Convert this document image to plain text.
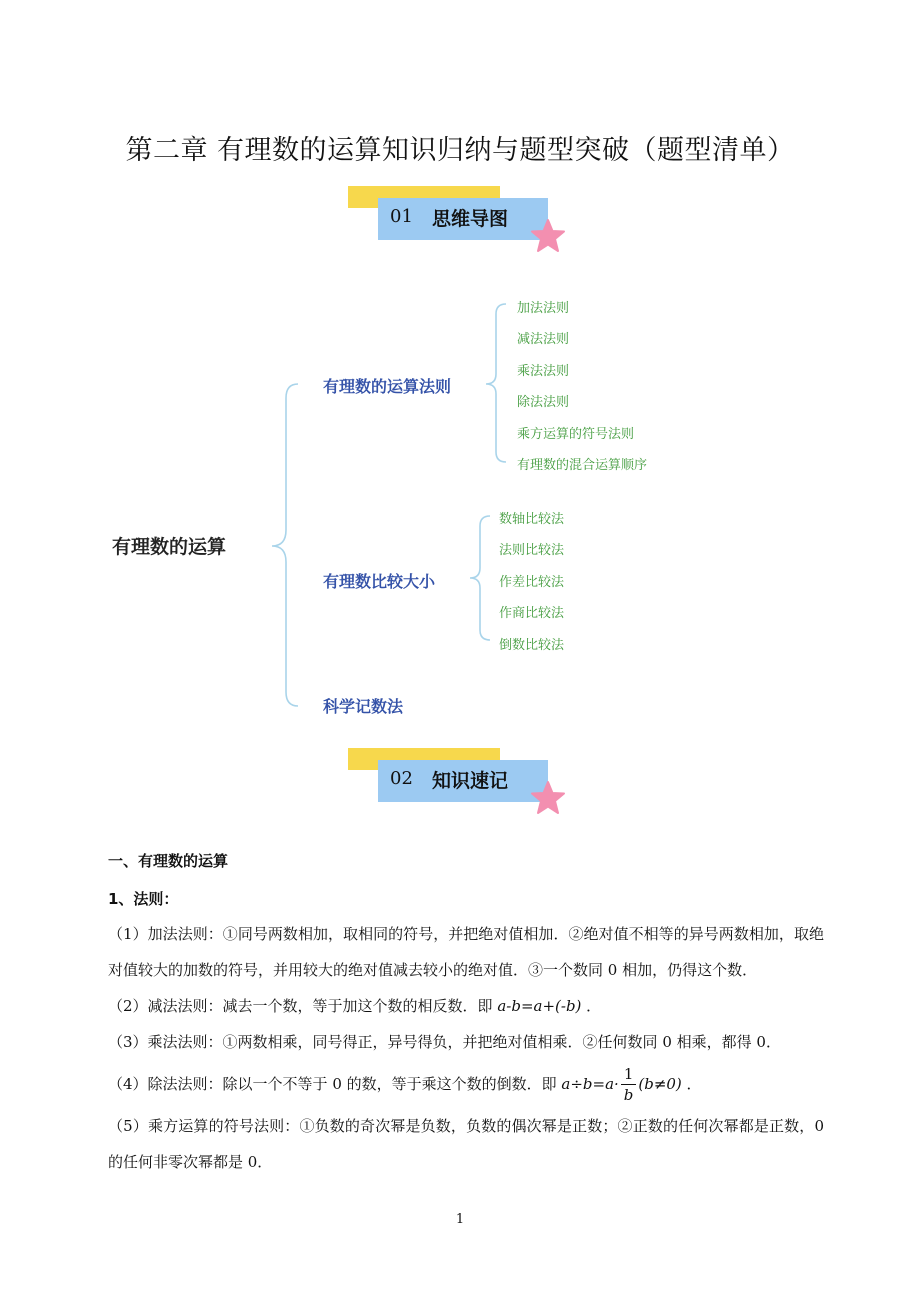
第二章 有理数的运算知识归纳与题型突破（题型清单）
01 思维导图
有理数的运算
有理数的运算法则
加法法则
减法法则
乘法法则
除法法则
乘方运算的符号法则
有理数的混合运算顺序
有理数比较大小
数轴比较法
法则比较法
作差比较法
作商比较法
倒数比较法
科学记数法
02 知识速记
一、有理数的运算
1、法则：
（1）加法法则：①同号两数相加，取相同的符号，并把绝对值相加．②绝对值不相等的异号两数相加，取绝对值较大的加数的符号，并用较大的绝对值减去较小的绝对值．③一个数同 0 相加，仍得这个数．
（2）减法法则：减去一个数，等于加这个数的相反数．即 a-b=a+(-b) ．
（3）乘法法则：①两数相乘，同号得正，异号得负，并把绝对值相乘．②任何数同 0 相乘，都得 0．
（4）除法法则：除以一个不等于 0 的数，等于乘这个数的倒数．即 $a\div b=a\cdot \frac{1}{b} (b\ne 0)$ ．
（5）乘方运算的符号法则：①负数的奇次幂是负数，负数的偶次幂是正数；②正数的任何次幂都是正数，0 的任何非零次幂都是 0．
1
